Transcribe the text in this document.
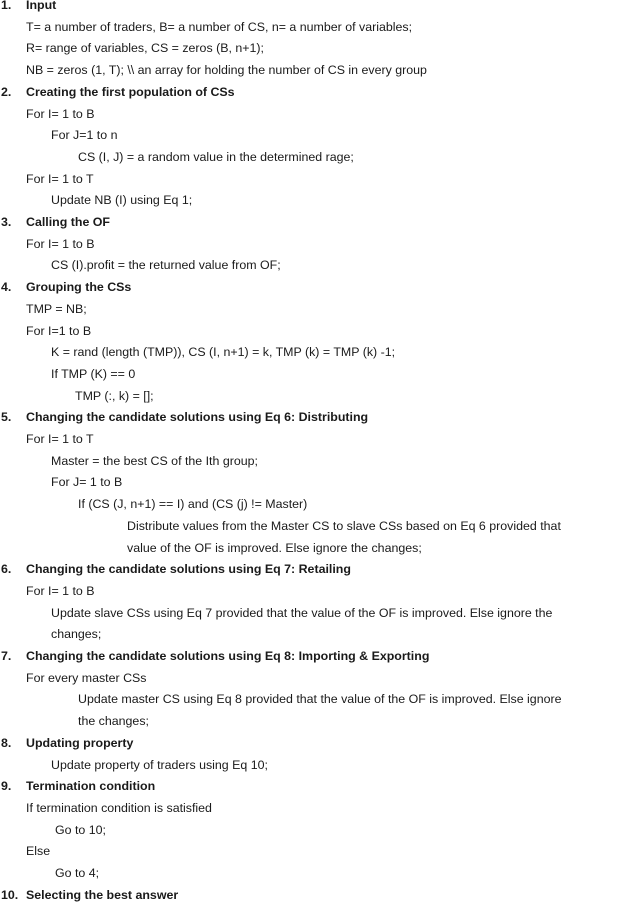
1. Input
T= a number of traders, B= a number of CS, n= a number of variables;
R= range of variables, CS = zeros (B, n+1);
NB = zeros (1, T); \\ an array for holding the number of CS in every group
2. Creating the first population of CSs
For I= 1 to B
For J=1 to n
CS (I, J) = a random value in the determined rage;
For I= 1 to T
Update NB (I) using Eq 1;
3. Calling the OF
For I= 1 to B
CS (I).profit = the returned value from OF;
4. Grouping the CSs
TMP = NB;
For I=1 to B
K = rand (length (TMP)), CS (I, n+1) = k, TMP (k) = TMP (k) -1;
If TMP (K) == 0
TMP (:, k) = [];
5. Changing the candidate solutions using Eq 6: Distributing
For I= 1 to T
Master = the best CS of the Ith group;
For J= 1 to B
If (CS (J, n+1) == I) and (CS (j) != Master)
Distribute values from the Master CS to slave CSs based on Eq 6 provided that
value of the OF is improved. Else ignore the changes;
6. Changing the candidate solutions using Eq 7: Retailing
For I= 1 to B
Update slave CSs using Eq 7 provided that the value of the OF is improved. Else ignore the
changes;
7. Changing the candidate solutions using Eq 8: Importing & Exporting
For every master CSs
Update master CS using Eq 8 provided that the value of the OF is improved. Else ignore
the changes;
8. Updating property
Update property of traders using Eq 10;
9. Termination condition
If termination condition is satisfied
Go to 10;
Else
Go to 4;
10. Selecting the best answer
